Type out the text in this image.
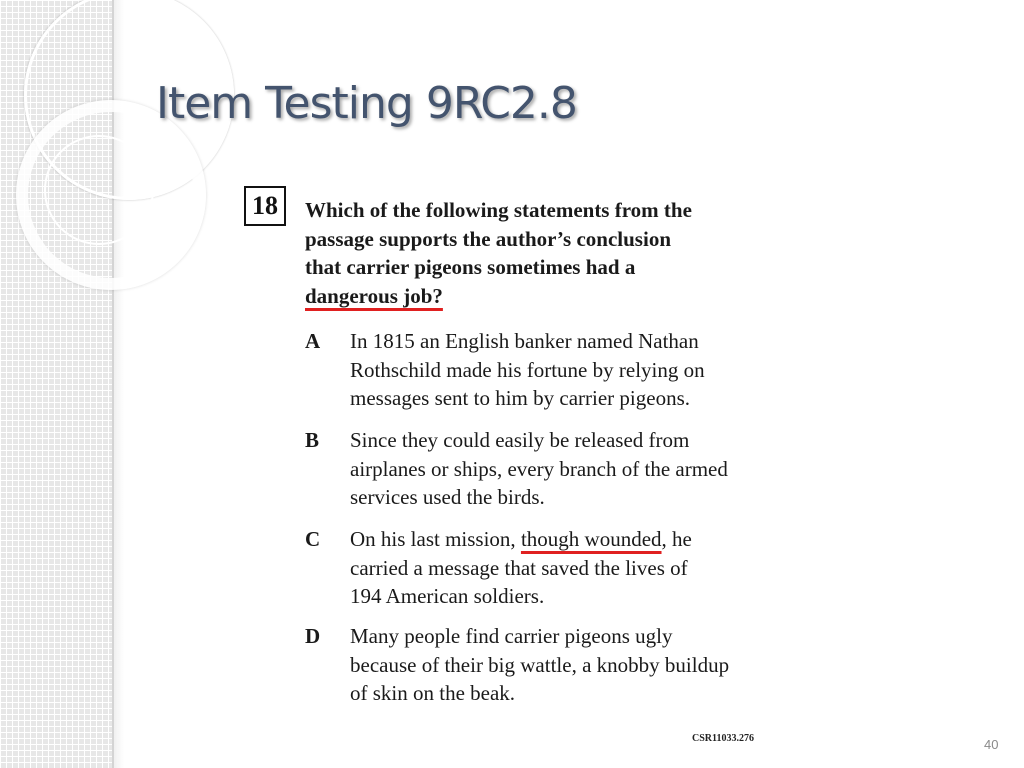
Item Testing 9RC2.8
18	Which of the following statements from the
passage supports the author’s conclusion
that carrier pigeons sometimes had a
dangerous job?

A In 1815 an English banker named Nathan
Rothschild made his fortune by relying on
messages sent to him by carrier pigeons.

B Since they could easily be released from
airplanes or ships, every branch of the armed
services used the birds.

C On his last mission, though wounded, he
carried a message that saved the lives of
194 American soldiers.

D Many people find carrier pigeons ugly
because of their big wattle, a knobby buildup
of skin on the beak.

CSR11033.276	40
